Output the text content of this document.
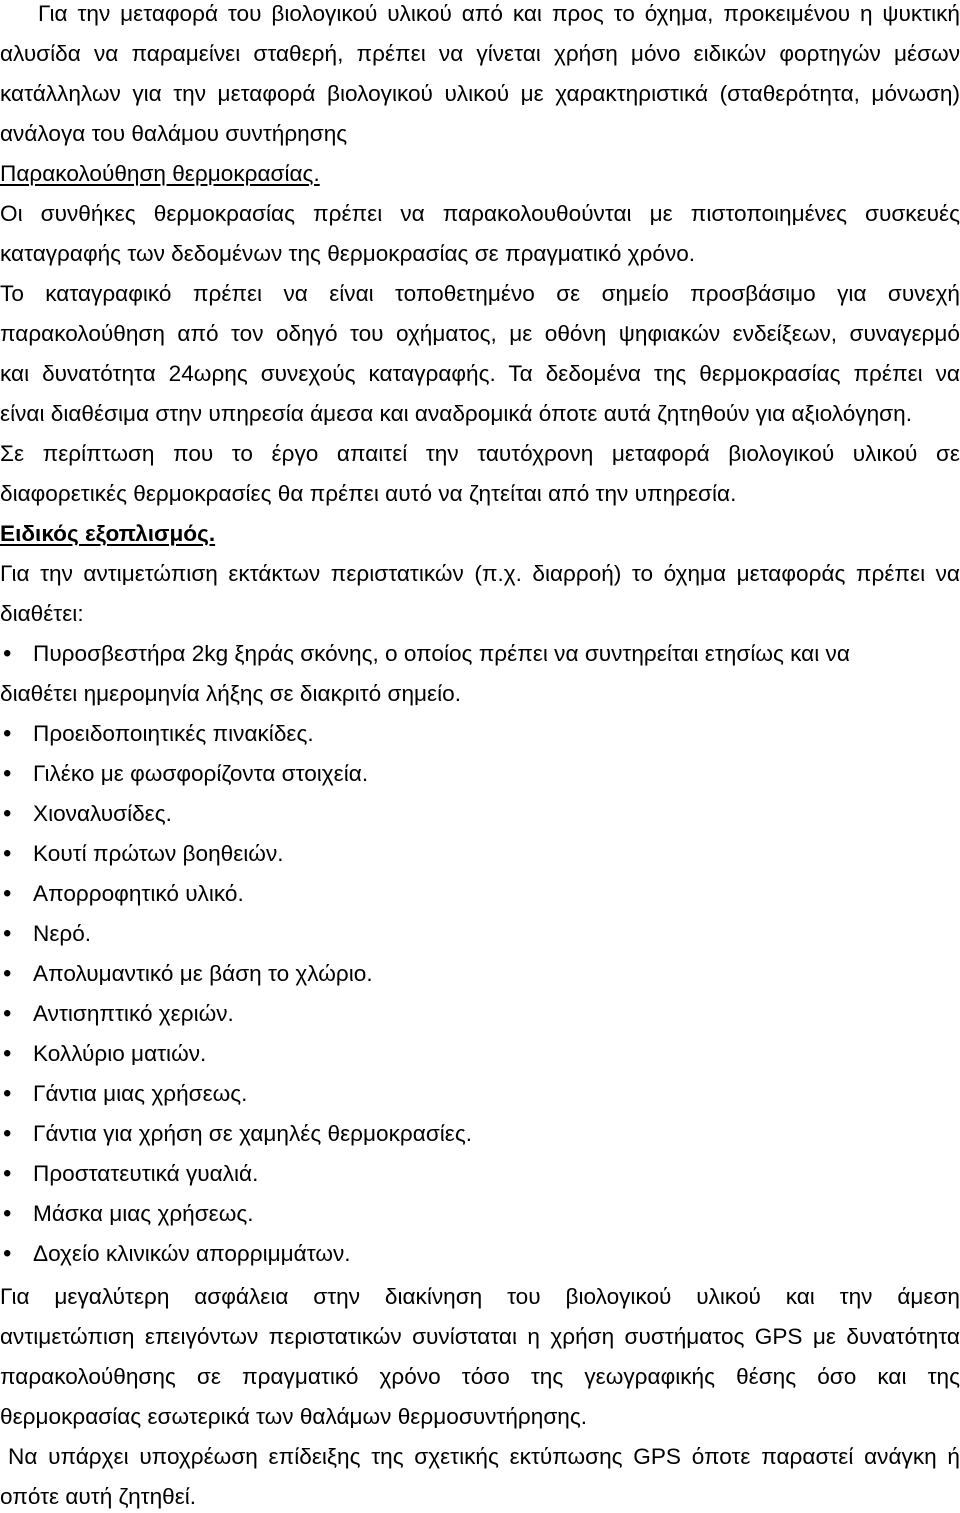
Για την μεταφορά του βιολογικού υλικού από και προς το όχημα, προκειμένου η ψυκτική
αλυσίδα να παραμείνει σταθερή, πρέπει να γίνεται χρήση μόνο ειδικών φορτηγών μέσων
κατάλληλων για την μεταφορά βιολογικού υλικού με χαρακτηριστικά (σταθερότητα, μόνωση)
ανάλογα του θαλάμου συντήρησης
Παρακολούθηση θερμοκρασίας.
Οι συνθήκες θερμοκρασίας πρέπει να παρακολουθούνται με πιστοποιημένες συσκευές
καταγραφής των δεδομένων της θερμοκρασίας σε πραγματικό χρόνο.
Το καταγραφικό πρέπει να είναι τοποθετημένο σε σημείο προσβάσιμο για συνεχή
παρακολούθηση από τον οδηγό του οχήματος, με οθόνη ψηφιακών ενδείξεων, συναγερμό
και δυνατότητα 24ωρης συνεχούς καταγραφής. Τα δεδομένα της θερμοκρασίας πρέπει να
είναι διαθέσιμα στην υπηρεσία άμεσα και αναδρομικά όποτε αυτά ζητηθούν για αξιολόγηση.
Σε περίπτωση που το έργο απαιτεί την ταυτόχρονη μεταφορά βιολογικού υλικού σε
διαφορετικές θερμοκρασίες θα πρέπει αυτό να ζητείται από την υπηρεσία.
Ειδικός εξοπλισμός.
Για την αντιμετώπιση εκτάκτων περιστατικών (π.χ. διαρροή) το όχημα μεταφοράς πρέπει να
διαθέτει:
• Πυροσβεστήρα 2kg ξηράς σκόνης, ο οποίος πρέπει να συντηρείται ετησίως και να
διαθέτει ημερομηνία λήξης σε διακριτό σημείο.
• Προειδοποιητικές πινακίδες.
• Γιλέκο με φωσφορίζοντα στοιχεία.
• Χιοναλυσίδες.
• Κουτί πρώτων βοηθειών.
• Απορροφητικό υλικό.
• Νερό.
• Απολυμαντικό με βάση το χλώριο.
• Αντισηπτικό χεριών.
• Κολλύριο ματιών.
• Γάντια μιας χρήσεως.
• Γάντια για χρήση σε χαμηλές θερμοκρασίες.
• Προστατευτικά γυαλιά.
• Μάσκα μιας χρήσεως.
• Δοχείο κλινικών απορριμμάτων.
Για μεγαλύτερη ασφάλεια στην διακίνηση του βιολογικού υλικού και την άμεση
αντιμετώπιση επειγόντων περιστατικών συνίσταται η χρήση συστήματος GPS με δυνατότητα
παρακολούθησης σε πραγματικό χρόνο τόσο της γεωγραφικής θέσης όσο και της
θερμοκρασίας εσωτερικά των θαλάμων θερμοσυντήρησης.
Να υπάρχει υποχρέωση επίδειξης της σχετικής εκτύπωσης GPS όποτε παραστεί ανάγκη ή
οπότε αυτή ζητηθεί.
